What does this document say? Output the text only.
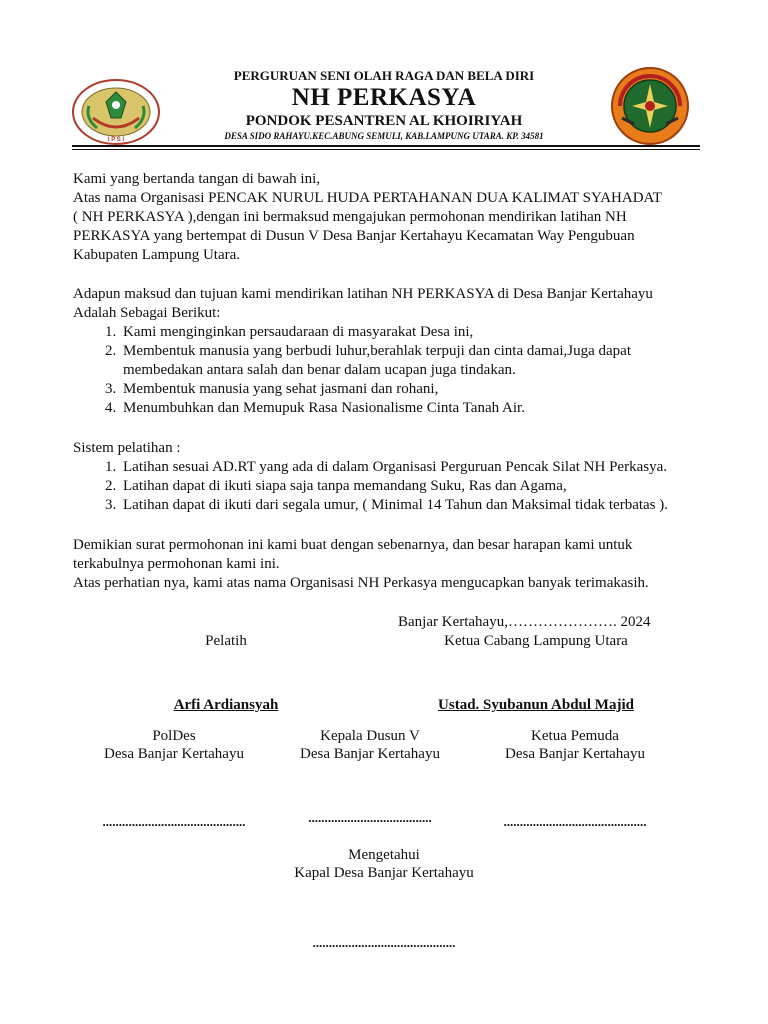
I P S I
PERGURUAN SENI OLAH RAGA DAN BELA DIRI
NH PERKASYA
PONDOK PESANTREN AL KHOIRIYAH
DESA SIDO RAHAYU.KEC.ABUNG SEMULI, KAB.LAMPUNG UTARA. KP. 34581
Kami yang bertanda tangan di bawah ini,
Atas nama Organisasi PENCAK NURUL HUDA PERTAHANAN DUA KALIMAT SYAHADAT
( NH PERKASYA ),dengan ini bermaksud mengajukan permohonan mendirikan latihan NH
PERKASYA yang bertempat di Dusun V Desa Banjar Kertahayu Kecamatan Way Pengubuan
Kabupaten Lampung Utara.
Adapun maksud dan tujuan kami mendirikan latihan NH PERKASYA di Desa Banjar Kertahayu
Adalah Sebagai Berikut:
1. Kami menginginkan persaudaraan di masyarakat Desa ini,
2. Membentuk manusia yang berbudi luhur,berahlak terpuji dan cinta damai,Juga dapat membedakan antara salah dan benar dalam ucapan juga tindakan.
3. Membentuk manusia yang sehat jasmani dan rohani,
4. Menumbuhkan dan Memupuk Rasa Nasionalisme Cinta Tanah Air.
Sistem pelatihan :
1. Latihan sesuai AD.RT yang ada di dalam Organisasi Perguruan Pencak Silat NH Perkasya.
2. Latihan dapat di ikuti siapa saja tanpa memandang Suku, Ras dan Agama,
3. Latihan dapat di ikuti dari segala umur, ( Minimal 14 Tahun dan Maksimal tidak terbatas ).
Demikian surat permohonan ini kami buat dengan sebenarnya, dan besar harapan kami untuk
terkabulnya permohonan kami ini.
Atas perhatian nya, kami atas nama Organisasi NH Perkasya mengucapkan banyak terimakasih.
Banjar Kertahayu,…………………. 2024
Pelatih	Ketua Cabang Lampung Utara
Arfi Ardiansyah	Ustad. Syubanun Abdul Majid
PolDes
Desa Banjar Kertahayu
Kepala Dusun V
Desa Banjar Kertahayu
Ketua Pemuda
Desa Banjar Kertahayu
............................................	......................................	............................................
Mengetahui
Kapal Desa Banjar Kertahayu
............................................
